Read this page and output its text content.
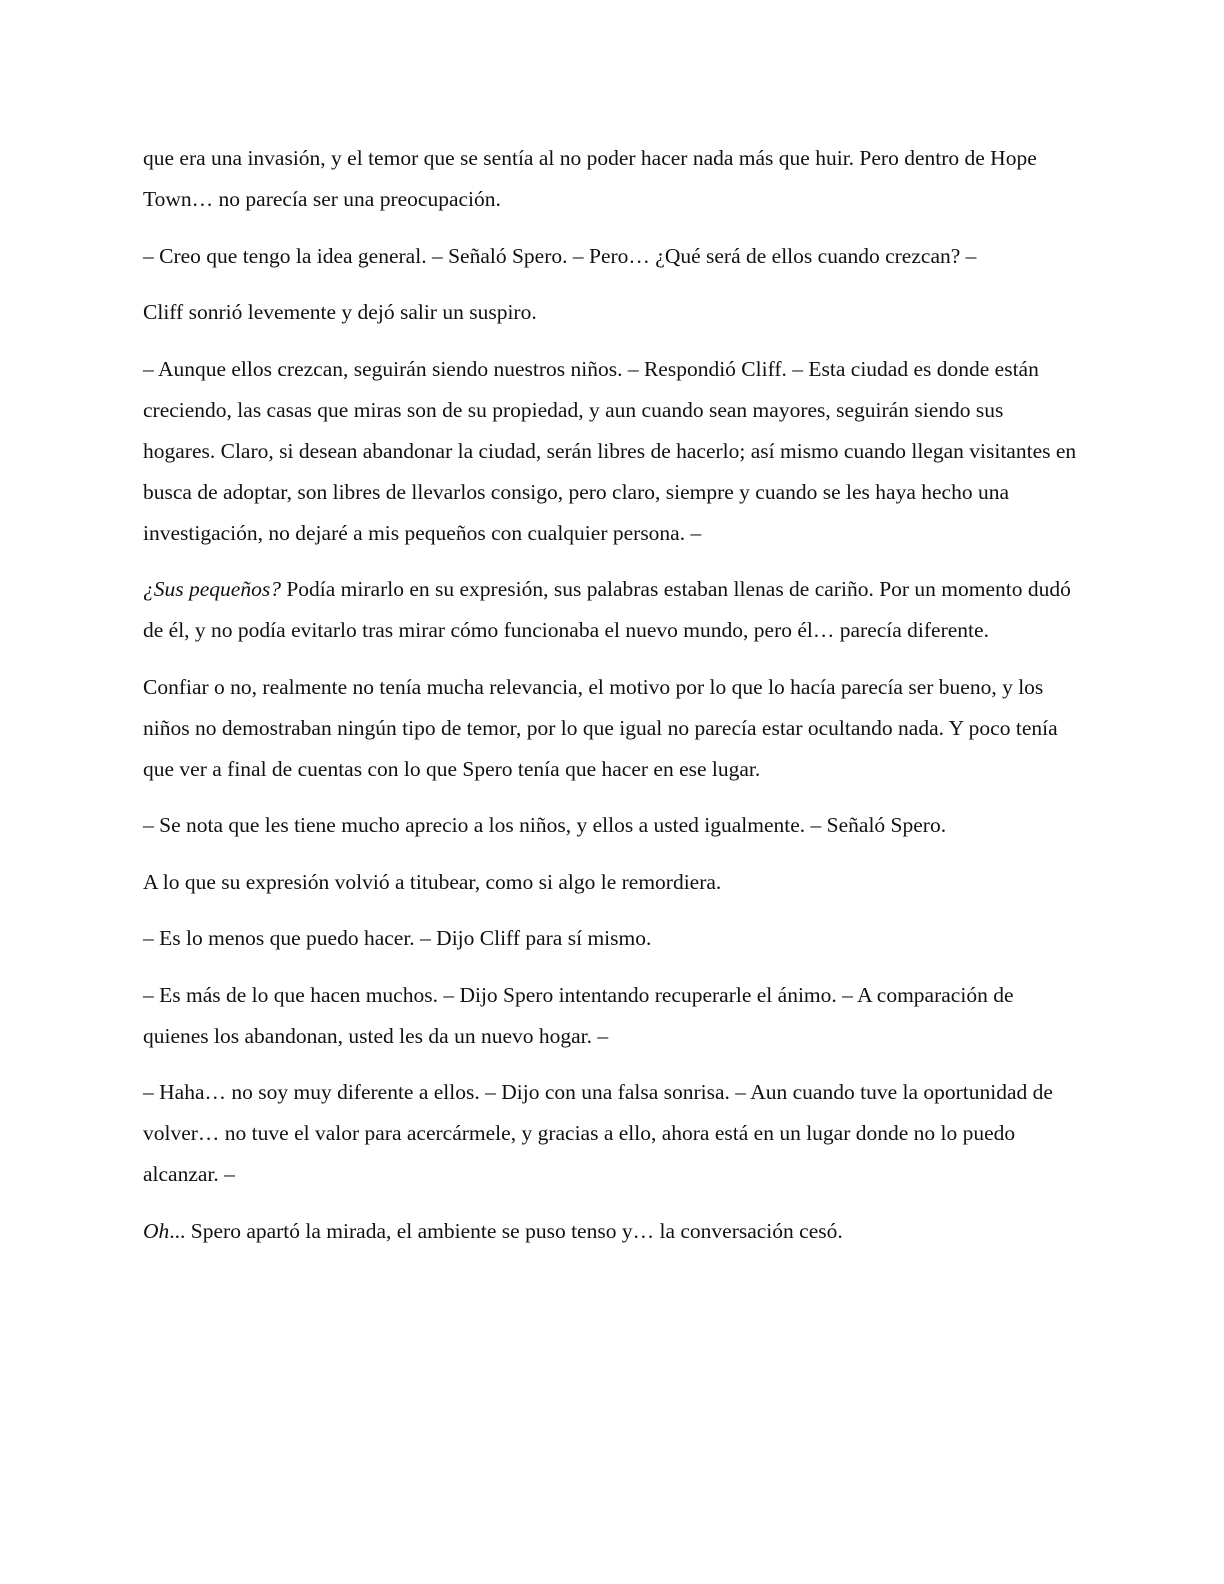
que era una invasión, y el temor que se sentía al no poder hacer nada más que huir. Pero dentro de Hope Town… no parecía ser una preocupación.

– Creo que tengo la idea general. – Señaló Spero. – Pero… ¿Qué será de ellos cuando crezcan? –

Cliff sonrió levemente y dejó salir un suspiro.

– Aunque ellos crezcan, seguirán siendo nuestros niños. – Respondió Cliff. – Esta ciudad es donde están creciendo, las casas que miras son de su propiedad, y aun cuando sean mayores, seguirán siendo sus hogares. Claro, si desean abandonar la ciudad, serán libres de hacerlo; así mismo cuando llegan visitantes en busca de adoptar, son libres de llevarlos consigo, pero claro, siempre y cuando se les haya hecho una investigación, no dejaré a mis pequeños con cualquier persona. –

¿Sus pequeños? Podía mirarlo en su expresión, sus palabras estaban llenas de cariño. Por un momento dudó de él, y no podía evitarlo tras mirar cómo funcionaba el nuevo mundo, pero él… parecía diferente.

Confiar o no, realmente no tenía mucha relevancia, el motivo por lo que lo hacía parecía ser bueno, y los niños no demostraban ningún tipo de temor, por lo que igual no parecía estar ocultando nada. Y poco tenía que ver a final de cuentas con lo que Spero tenía que hacer en ese lugar.

– Se nota que les tiene mucho aprecio a los niños, y ellos a usted igualmente. – Señaló Spero.

A lo que su expresión volvió a titubear, como si algo le remordiera.

– Es lo menos que puedo hacer. – Dijo Cliff para sí mismo.

– Es más de lo que hacen muchos. – Dijo Spero intentando recuperarle el ánimo. – A comparación de quienes los abandonan, usted les da un nuevo hogar. –

– Haha… no soy muy diferente a ellos. – Dijo con una falsa sonrisa. – Aun cuando tuve la oportunidad de volver… no tuve el valor para acercármele, y gracias a ello, ahora está en un lugar donde no lo puedo alcanzar. –

Oh... Spero apartó la mirada, el ambiente se puso tenso y… la conversación cesó.
